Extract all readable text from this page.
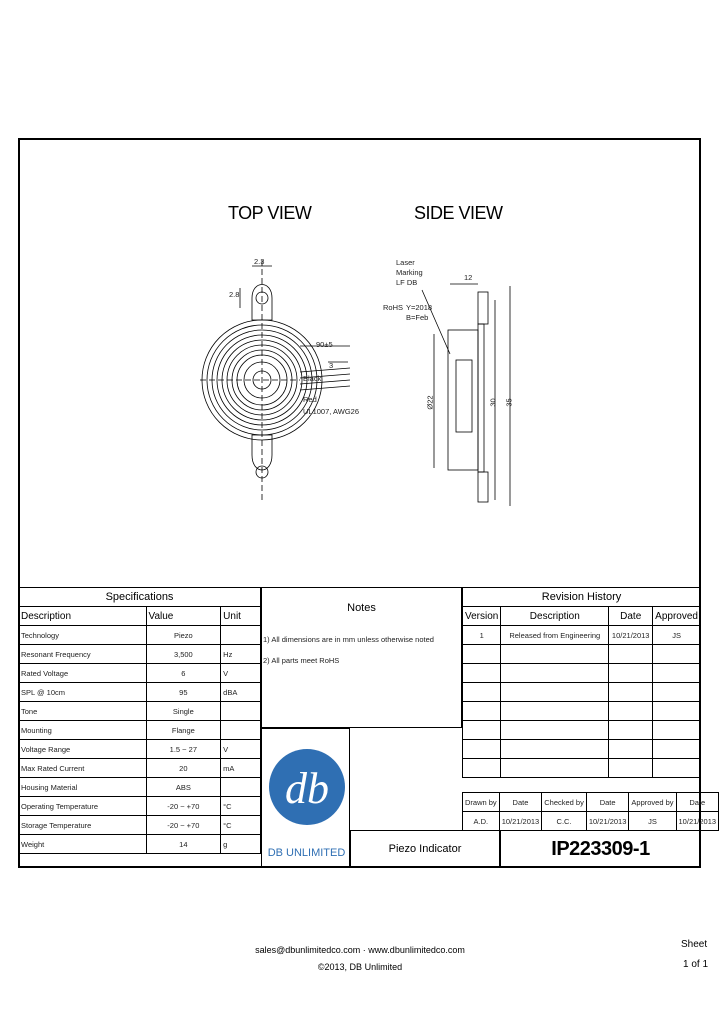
TOP VIEW	SIDE VIEW
2.3
2.8
90±5
3
Black
Red
UL1007, AWG26
Laser
Marking
LF DB
RoHS Y=2018
B=Feb
12
Ø22	30 35
Specifications		
Description	Value	Unit
Technology	Piezo	
Resonant Frequency	3,500	Hz
Rated Voltage	6	V
SPL @ 10cm	95	dBA
Tone	Single	
Mounting	Flange	
Voltage Range	1.5 ~ 27	V
Max Rated Current	20	mA
Housing Material	ABS	
Operating Temperature	-20 ~ +70	°C
Storage Temperature	-20 ~ +70	°C
Weight	14	g
Notes
1) All dimensions are in mm unless otherwise noted
2) All parts meet RoHS
db
DB UNLIMITED
Revision History			
Version	Description	Date	Approved
1	Released from Engineering	10/21/2013	JS

Drawn by	Date	Checked by	Date	Approved by	Date
A.D.	10/21/2013	C.C.	10/21/2013	JS	10/21/2013
Piezo Indicator	IP223309-1
sales@dbunlimitedco.com · www.dbunlimitedco.com
©2013, DB Unlimited
Sheet
1 of 1
